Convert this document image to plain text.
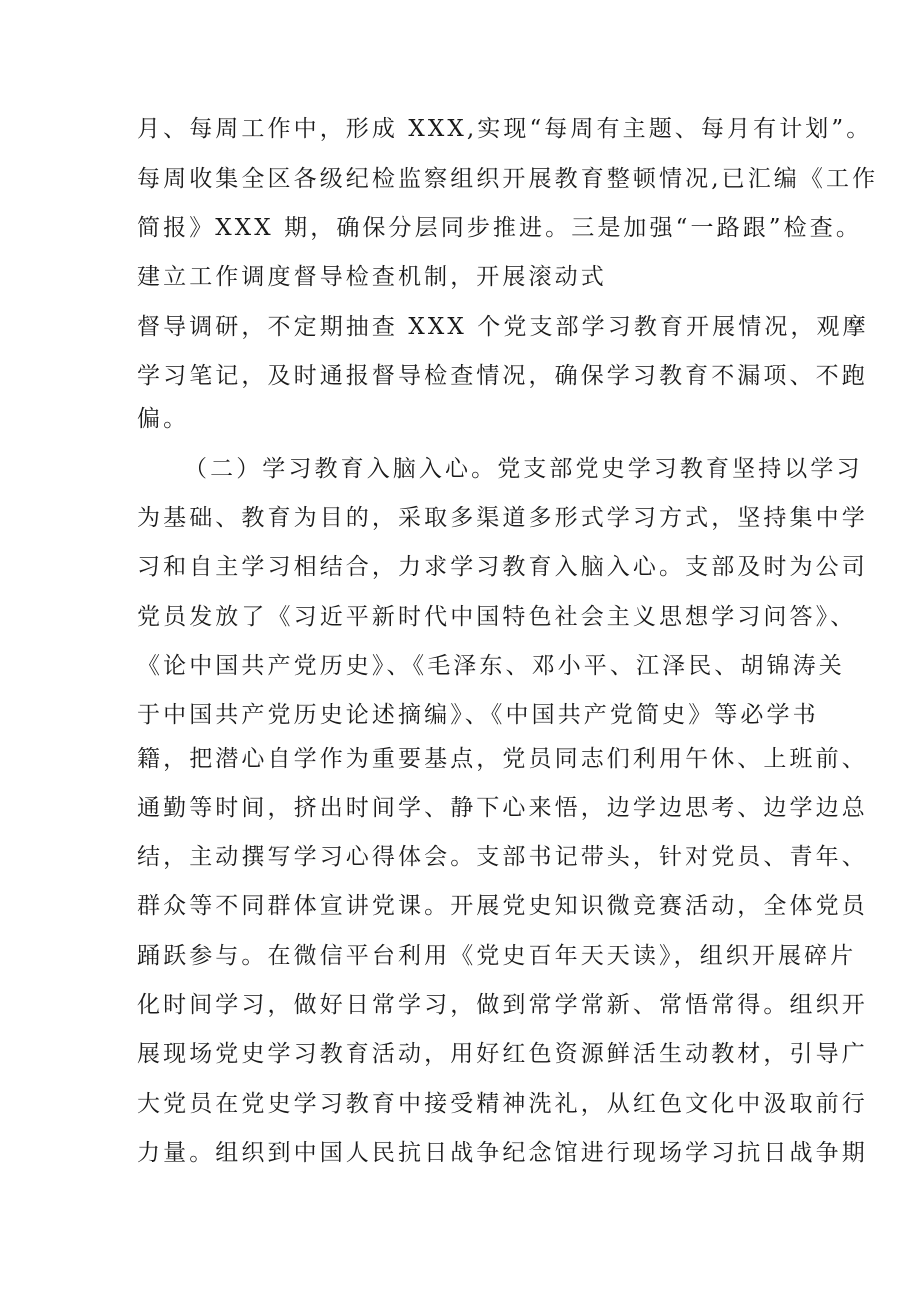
月、每周工作中，形成 XXX,实现“每周有主题、每月有计划”。
每周收集全区各级纪检监察组织开展教育整顿情况,已汇编《工作
简报》XXX 期，确保分层同步推进。三是加强“一路跟”检查。
建立工作调度督导检查机制，开展滚动式
督导调研，不定期抽查 XXX 个党支部学习教育开展情况，观摩
学习笔记，及时通报督导检查情况，确保学习教育不漏项、不跑
偏。
（二）学习教育入脑入心。党支部党史学习教育坚持以学习
为基础、教育为目的，采取多渠道多形式学习方式，坚持集中学
习和自主学习相结合，力求学习教育入脑入心。支部及时为公司
党员发放了《习近平新时代中国特色社会主义思想学习问答》、
《论中国共产党历史》、《毛泽东、邓小平、江泽民、胡锦涛关
于中国共产党历史论述摘编》、《中国共产党简史》等必学书
籍，把潜心自学作为重要基点，党员同志们利用午休、上班前、
通勤等时间，挤出时间学、静下心来悟，边学边思考、边学边总
结，主动撰写学习心得体会。支部书记带头，针对党员、青年、
群众等不同群体宣讲党课。开展党史知识微竞赛活动，全体党员
踊跃参与。在微信平台利用《党史百年天天读》，组织开展碎片
化时间学习，做好日常学习，做到常学常新、常悟常得。组织开
展现场党史学习教育活动，用好红色资源鲜活生动教材，引导广
大党员在党史学习教育中接受精神洗礼，从红色文化中汲取前行
力量。组织到中国人民抗日战争纪念馆进行现场学习抗日战争期
